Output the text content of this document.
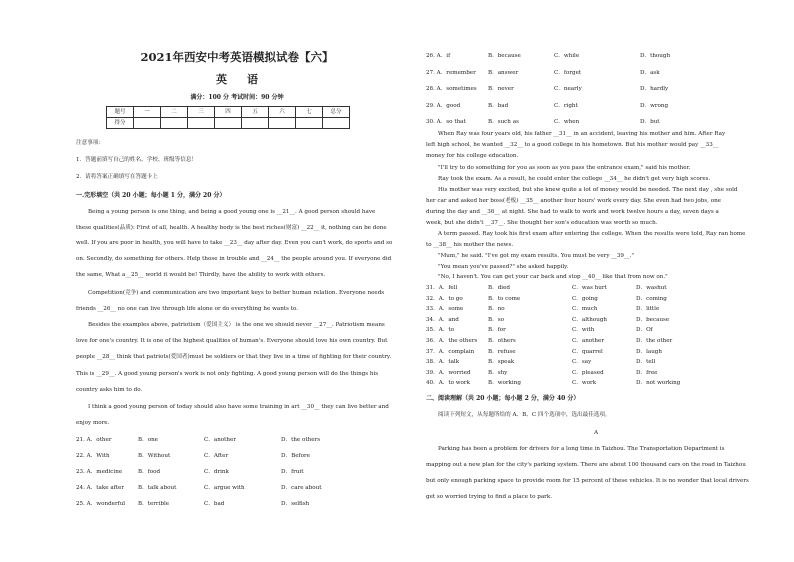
2021年西安中考英语模拟试卷【六】
英语
满分：100 分 考试时间：90 分钟
题号	一	二	三	四	五	六	七	总分
得分								
注意事项：
1．答题前填写自己的姓名、学校、班级等信息！
2．请将答案正确填写在答题卡上
一.完形填空（共 20 小题；每小题 1 分，满分 20 分）
Being a young person is one thing, and being a good young one is __21__. A good person should have
these qualities(品质): First of all, health. A healthy body is the best riches(财富) __22__ it, nothing can be done
well. If you are poor in health, you will have to take __23__ day after day. Even you can't work, do sports and so
on. Secondly, do something for others. Help those in trouble and __24__ the people around you. If everyone did
the same, What a__25__ world it would be! Thirdly, have the ability to work with others.
Competition(竞争) and communication are two important keys to better human relation. Everyone needs
friends __26__ no one can live through life alone or do everything he wants to.
Besides the examples above, patriotism（爱国主义） is the one we should never __27__. Patriotism means
love for one's country. It is one of the highest qualities of human's. Everyone should love his own country. But
people __28__ think that patriots(爱国者)must be soldiers or that they live in a time of fighting for their country.
This is __29__. A good young person's work is not only fighting. A good young person will do the things his
country asks him to do.
I think a good young person of today should also have some training in art __30__ they can live better and
enjoy more.
21. A．other	B．one	C．another	D．the others
22. A．With	B．Without	C．After	D．Before
23. A．medicine	B．food	C．drink	D．fruit
24. A．take after B．talk about	C．argue with	D．care about
25. A．wonderful B．terrible	C．bad	D．selfish
26. A．if	B．because	C．while	D．though
27. A．remember B．answer	C．forget	D．ask
28. A．sometimes B．never	C．nearly	D．hardly
29. A．good	B．bad	C．right	D．wrong
30. A．so that	B．such as	C．when	D．but
When Ray was four years old, his father __31__ in an accident, leaving his mother and him. After Ray
left high school, he wanted __32__ to a good college in his hometown. But his mother would pay __33__
money for his college education.
"I'll try to do something for you as soon as you pass the entrance exam," said his mother.
Ray took the exam. As a result, he could enter the college __34__ he didn't get very high scores.
His mother was very excited, but she knew quite a lot of money would be needed. The next day , she sold
her car and asked her boss(老板) __35__ another four hours' work every day. She even had two jobs, one
during the day and __36__ at night. She had to walk to work and work twelve hours a day, seven days a
week, but she didn't __37__. She thought her son's education was worth so much.
A term passed. Ray took his first exam after entering the college. When the results were told, Ray ran home
to __38__ his mother the news.
"Mum," he said. "I've got my exam results. You must be very __39__."
"You mean you've passed?" she asked happily.
"No, I haven't. You can get your car back and stop __40__ like that from now on."
31．A．fell	B．died	C．was hurt	D．washut
32．A．to go	B．to come	C．going	D．coming
33．A．some	B．no	C．much	D．little
34．A．and	B．so	C．although	D．because
35．A．to	B．for	C．with	D．Of
36．A．the others B．others	C．another	D．the other
37．A．complain B．refuse	C．quarrel	D．laugh
38．A．talk	B．speak	C．say	D．tell
39．A．worried	B．shy	C．pleased	D．free
40．A．to work	B．working	C．work	D．not working
二、阅读理解（共 20 小题；每小题 2 分，满分 40 分）
阅读下列短文，从每题所给的 A、B、C 四个选项中，选出最佳选项。
A
Parking has been a problem for drivers for a long time in Taizhou. The Transportation Department is
mapping out a new plan for the city's parking system. There are about 100 thousand cars on the road in Taizhou
but only enough parking space to provide room for 15 percent of these vehicles. It is no wonder that local drivers
get so worried trying to find a place to park.
